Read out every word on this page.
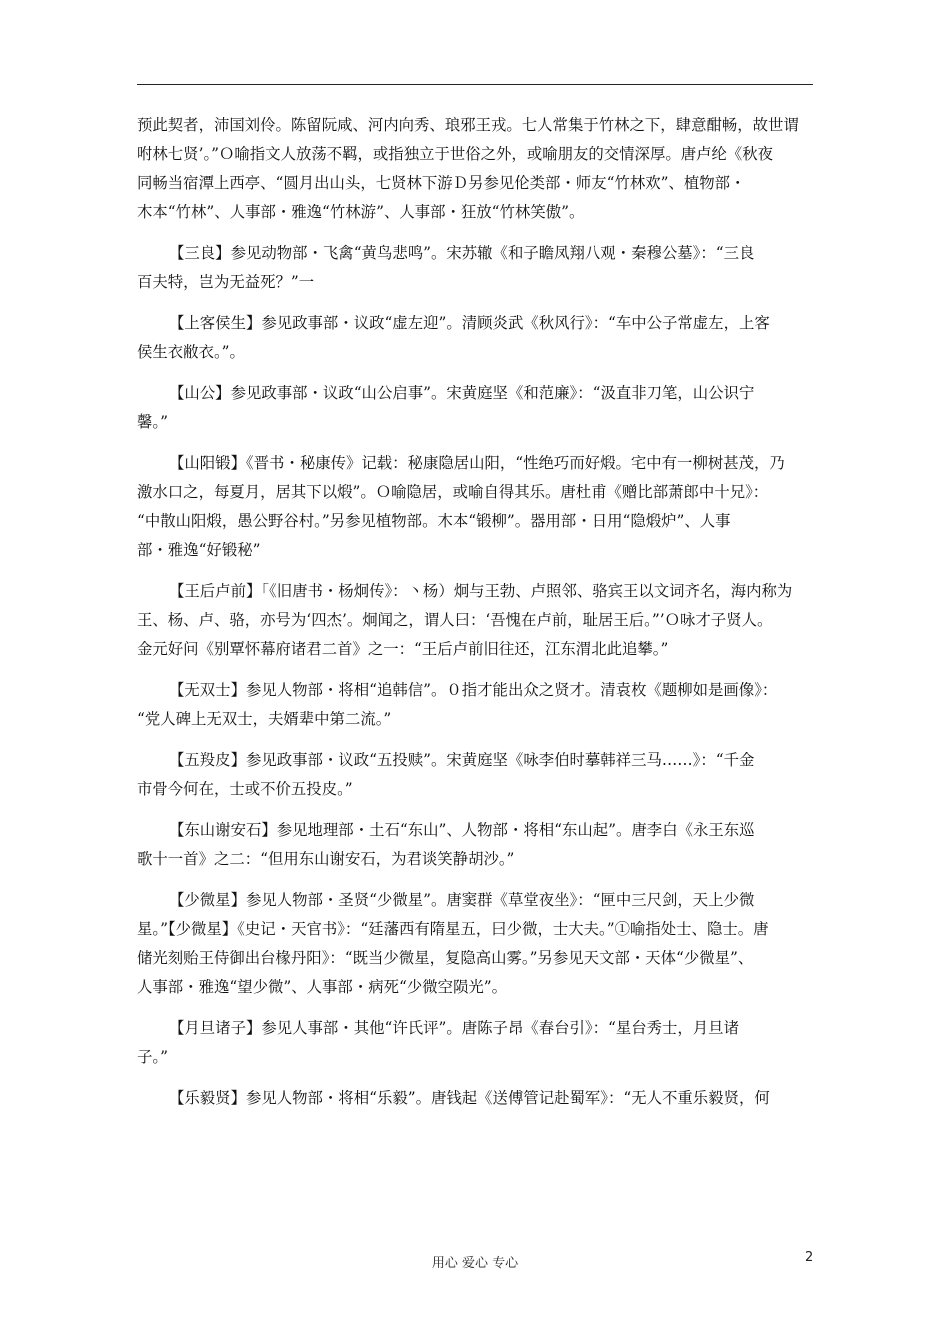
预此契者，沛国刘伶。陈留阮咸、河内向秀、琅邪王戎。七人常集于竹林之下，肆意酣畅，故世谓
咐林七贤’。”Ｏ喻指文人放荡不羁，或指独立于世俗之外，或喻朋友的交情深厚。唐卢纶《秋夜
同畅当宿潭上西亭、“圆月出山头，七贤林下游Ｄ另参见伦类部・师友“竹林欢”、植物部・
木本“竹林”、人事部・雅逸“竹林游”、人事部・狂放“竹林笑傲”。
【三良】参见动物部・飞禽“黄鸟悲鸣”。宋苏辙《和子瞻凤翔八观・秦穆公墓》：“三良
百夫特，岂为无益死？”一
【上客侯生】参见政事部・议政“虚左迎”。清顾炎武《秋风行》：“车中公子常虚左，上客
侯生衣敝衣。”。
【山公】参见政事部・议政“山公启事”。宋黄庭坚《和范廉》：“汲直非刀笔，山公识宁
馨。”
【山阳锻】《晋书・秘康传》记载：秘康隐居山阳，“性绝巧而好煅。宅中有一柳树甚茂，乃
激水口之，每夏月，居其下以煅”。Ｏ喻隐居，或喻自得其乐。唐杜甫《赠比部萧郎中十兄》：
“中散山阳煅，愚公野谷村。”另参见植物部。木本“锻柳”。器用部・日用“隐煅炉”、人事
部・雅逸“好锻秘”
【王后卢前】「《旧唐书・杨炯传》：丶杨）炯与王勃、卢照邻、骆宾王以文词齐名，海内称为
王、杨、卢、骆，亦号为‘四杰’。炯闻之，谓人曰：‘吾愧在卢前，耻居王后。”’Ｏ咏才子贤人。
金元好问《别覃怀幕府诸君二首》之一：“王后卢前旧往还，江东渭北此追攀。”
【无双士】参见人物部・将相“追韩信”。０指才能出众之贤才。清袁枚《题柳如是画像》：
“党人碑上无双士，夫婿辈中第二流。”
【五羖皮】参见政事部・议政“五投赎”。宋黄庭坚《咏李伯时摹韩祥三马……》：“千金
市骨今何在，士或不价五投皮。”
【东山谢安石】参见地理部・土石“东山”、人物部・将相“东山起”。唐李白《永王东巡
歌十一首》之二：“但用东山谢安石，为君谈笑静胡沙。”
【少微星】参见人物部・圣贤“少微星”。唐窦群《草堂夜坐》：“匣中三尺剑，天上少微
星。”【少微星】《史记・天官书》：“廷藩西有隋星五，曰少微，士大夫。”①喻指处士、隐士。唐
储光刻贻王侍御出台椽丹阳》：“既当少微星，复隐高山雾。”另参见天文部・天体“少微星”、
人事部・雅逸“望少微”、人事部・病死“少微空陨光”。
【月旦诸子】参见人事部・其他“许氏评”。唐陈子昂《春台引》：“星台秀士，月旦诸
子。”
【乐毅贤】参见人物部・将相“乐毅”。唐钱起《送傅管记赴蜀军》：“无人不重乐毅贤，何
用心 爱心 专心	2
